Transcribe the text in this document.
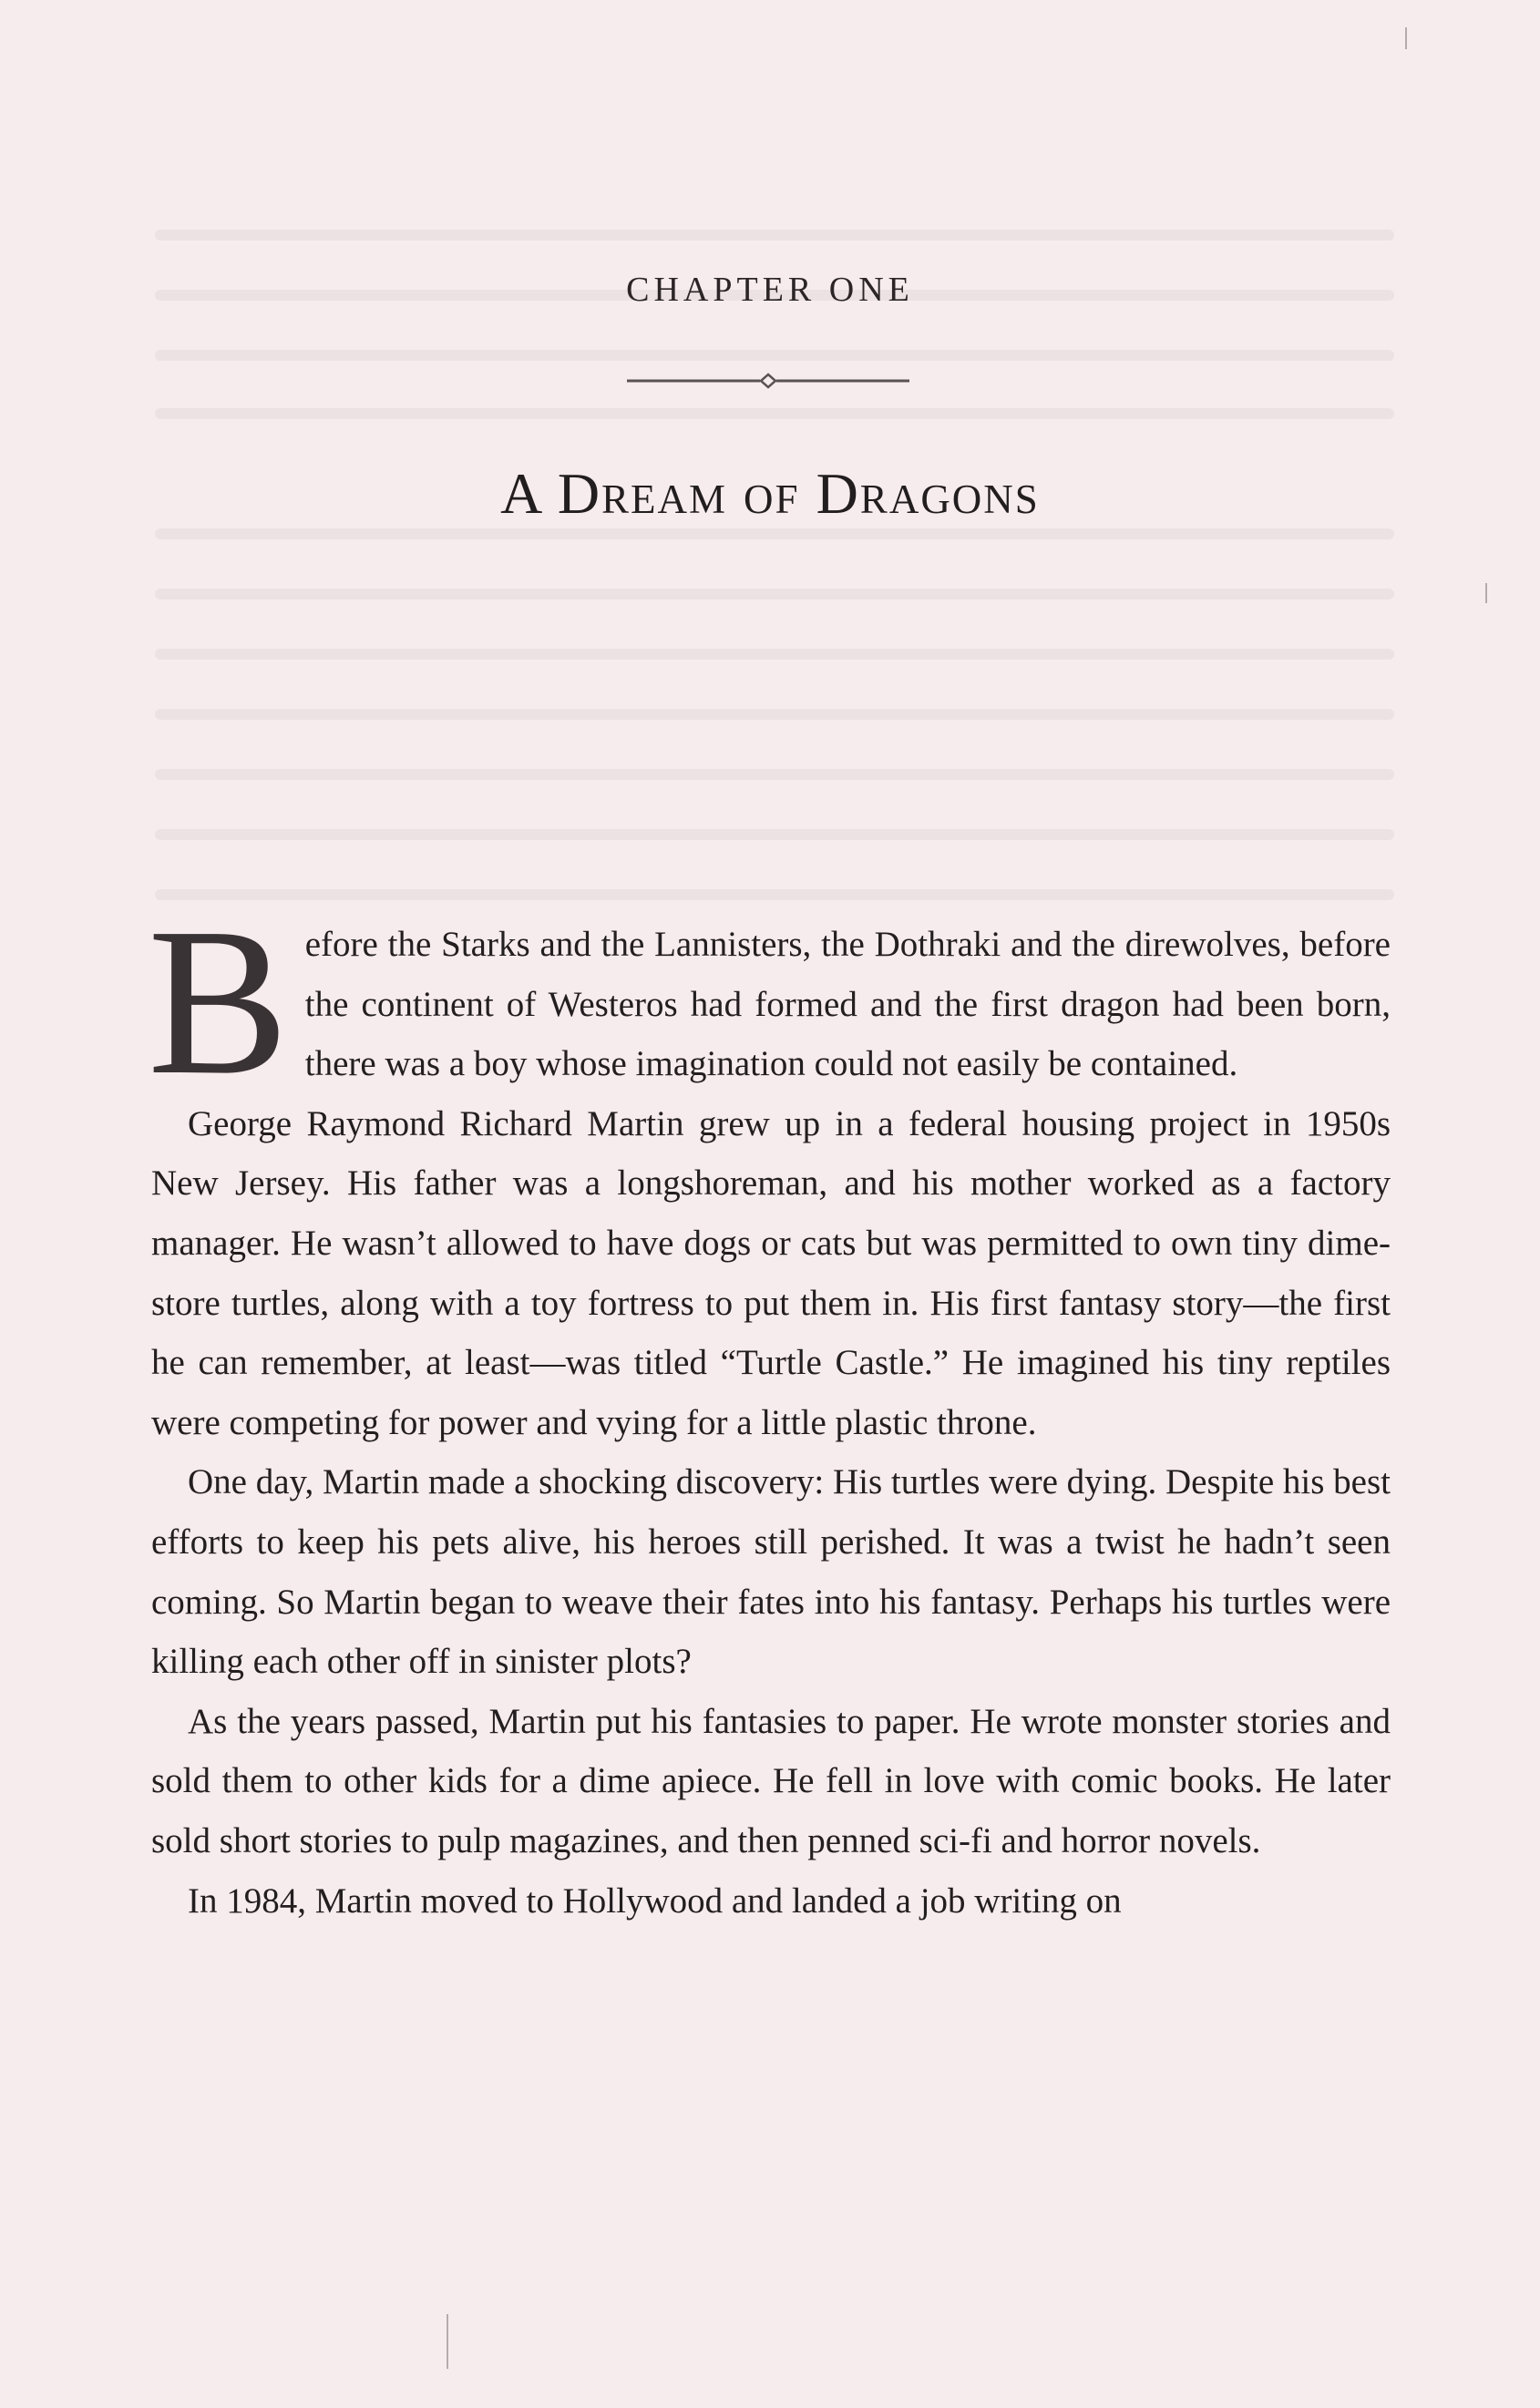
CHAPTER ONE
A Dream of Dragons

Before the Starks and the Lannisters, the Dothraki and the direwolves, before the continent of Westeros had formed and the first dragon had been born, there was a boy whose imagination could not easily be contained.

George Raymond Richard Martin grew up in a federal housing project in 1950s New Jersey. His father was a longshoreman, and his mother worked as a factory manager. He wasn’t allowed to have dogs or cats but was permitted to own tiny dime-store turtles, along with a toy fortress to put them in. His first fantasy story—the first he can remember, at least—was titled “Turtle Castle.” He imagined his tiny reptiles were competing for power and vying for a little plastic throne.

One day, Martin made a shocking discovery: His turtles were dying. Despite his best efforts to keep his pets alive, his heroes still perished. It was a twist he hadn’t seen coming. So Martin began to weave their fates into his fantasy. Perhaps his turtles were killing each other off in sinister plots?

As the years passed, Martin put his fantasies to paper. He wrote monster stories and sold them to other kids for a dime apiece. He fell in love with comic books. He later sold short stories to pulp magazines, and then penned sci-fi and horror novels.

In 1984, Martin moved to Hollywood and landed a job writing on
